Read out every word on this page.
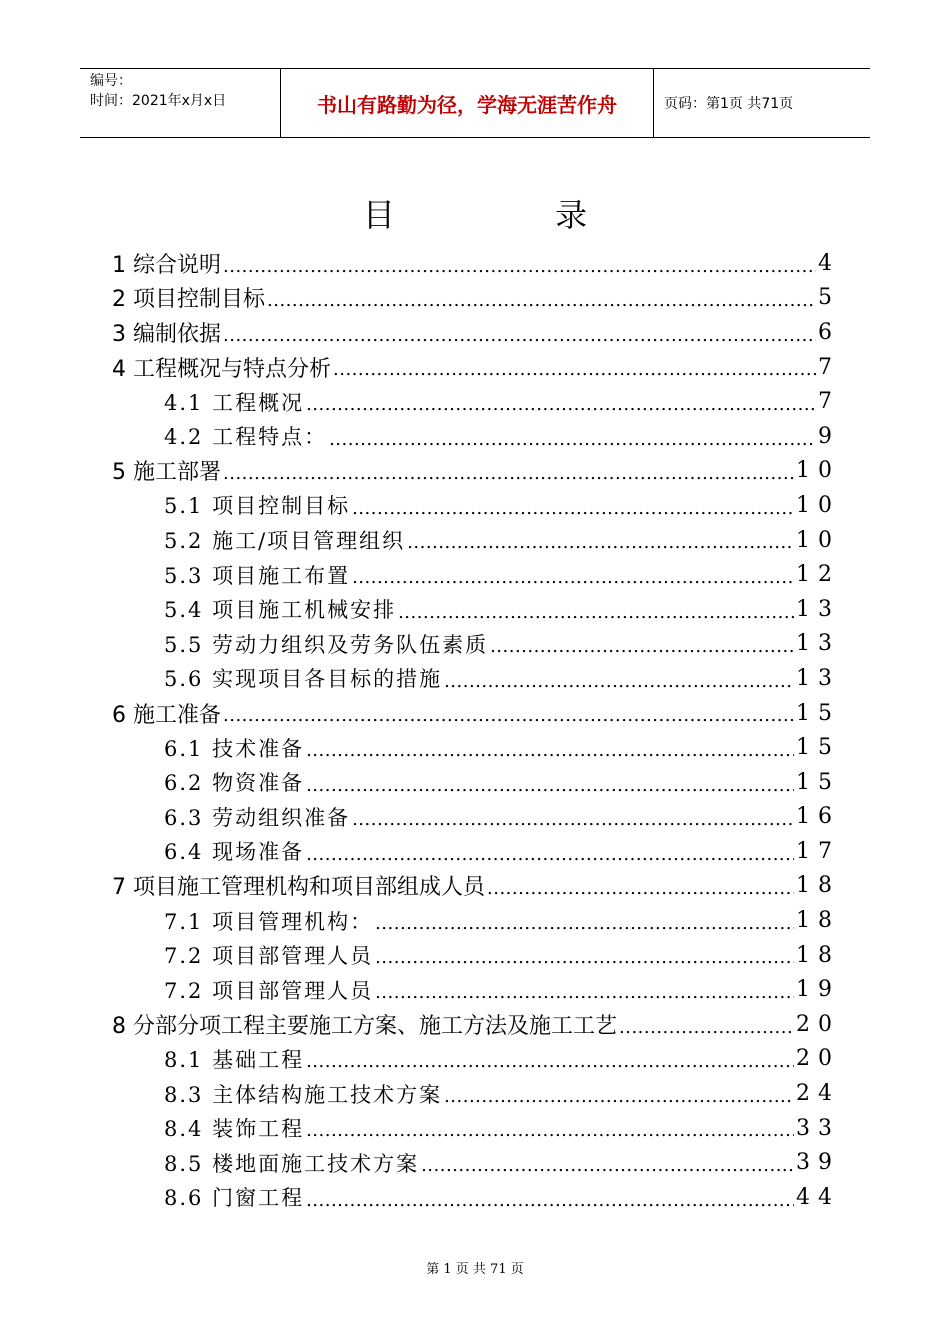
编号：
时间：2021年x月x日	书山有路勤为径，学海无涯苦作舟	页码：第1页 共71页
目	录
1 综合说明 .....	4
2 项目控制目标 .....	5
3 编制依据 .....	6
4 工程概况与特点分析 .....	7
4.1 工程概况 .....	7
4.2 工程特点： .....	9
5 施工部署 .....	10
5.1 项目控制目标 .....	10
5.2 施工/项目管理组织 .....	10
5.3 项目施工布置 .....	12
5.4 项目施工机械安排 .....	13
5.5 劳动力组织及劳务队伍素质 .....	13
5.6 实现项目各目标的措施 .....	13
6 施工准备 .....	15
6.1 技术准备 .....	15
6.2 物资准备 .....	15
6.3 劳动组织准备 .....	16
6.4 现场准备 .....	17
7 项目施工管理机构和项目部组成人员 .....	18
7.1 项目管理机构： .....	18
7.2 项目部管理人员 .....	18
7.2 项目部管理人员 .....	19
8 分部分项工程主要施工方案、施工方法及施工工艺 .....	20
8.1 基础工程 .....	20
8.3 主体结构施工技术方案 .....	24
8.4 装饰工程 .....	33
8.5 楼地面施工技术方案 .....	39
8.6 门窗工程 .....	44
第 1 页 共 71 页
